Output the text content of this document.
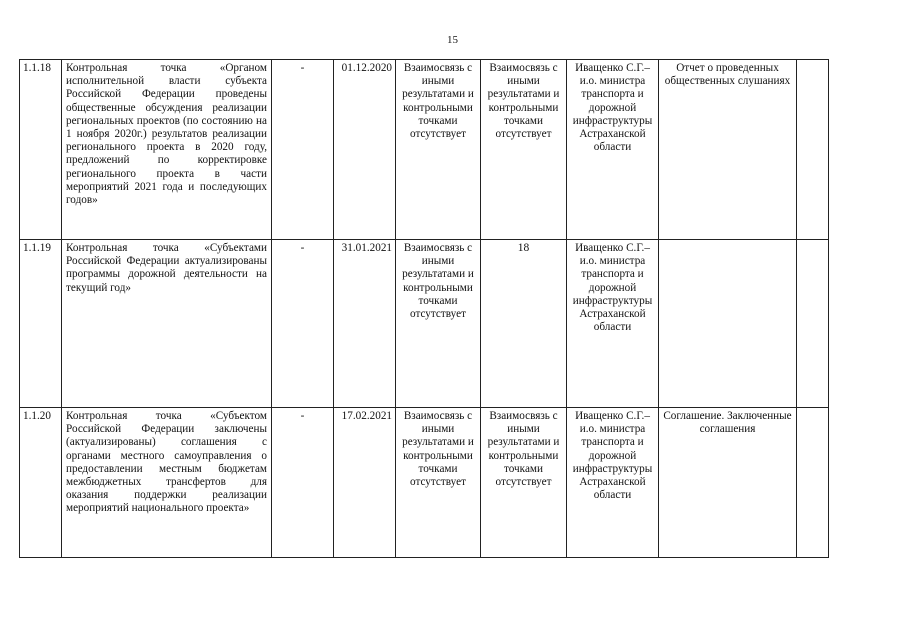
15
1.1.18	Контрольная точка «Органом исполнительной власти субъекта Российской Федерации проведены общественные обсуждения реализации региональных проектов (по состоянию на 1 ноября 2020г.) результатов реализации регионального проекта в 2020 году, предложений по корректировке регионального проекта в части мероприятий 2021 года и последующих годов»	-	01.12.2020	Взаимосвязь с иными результатами и контрольными точками отсутствует	Взаимосвязь с иными результатами и контрольными точками отсутствует	Иващенко С.Г.– и.о. министра транспорта и дорожной инфраструктуры Астраханской области	Отчет о проведенных общественных слушаниях	
1.1.19	Контрольная точка «Субъектами Российской Федерации актуализированы программы дорожной деятельности на текущий год»	-	31.01.2021	Взаимосвязь с иными результатами и контрольными точками отсутствует	18	Иващенко С.Г.– и.о. министра транспорта и дорожной инфраструктуры Астраханской области		
1.1.20	Контрольная точка «Субъектом Российской Федерации заключены (актуализированы) соглашения с органами местного самоуправления о предоставлении местным бюджетам межбюджетных трансфертов для оказания поддержки реализации мероприятий национального проекта»	-	17.02.2021	Взаимосвязь с иными результатами и контрольными точками отсутствует	Взаимосвязь с иными результатами и контрольными точками отсутствует	Иващенко С.Г.– и.о. министра транспорта и дорожной инфраструктуры Астраханской области	Соглашение. Заключенные соглашения	
